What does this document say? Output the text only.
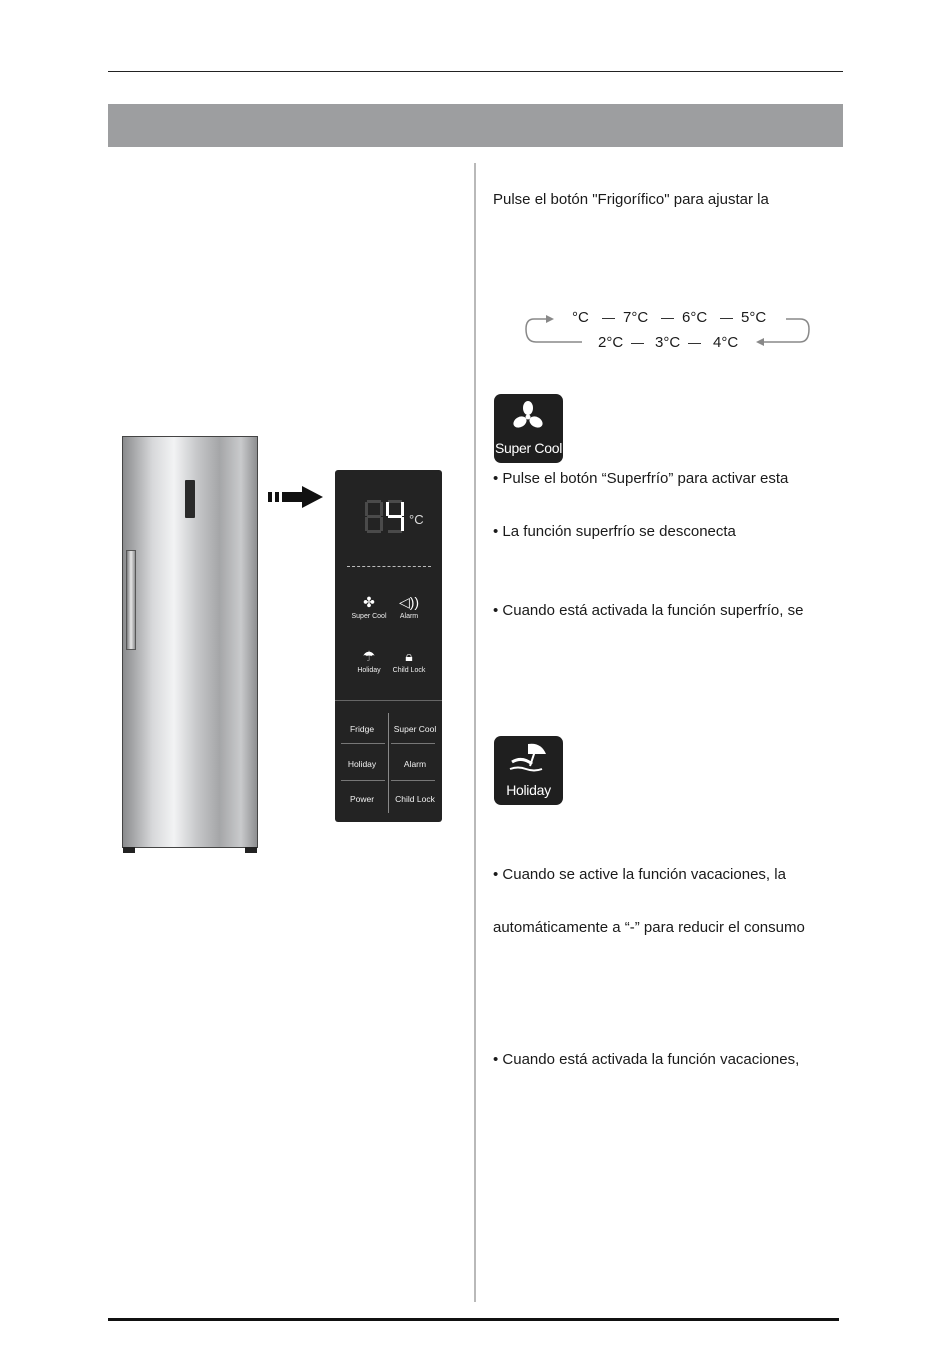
Pulse el botón "Frigorífico" para ajustar la
°C 7°C 6°C 5°C
2°C 3°C 4°C
Super Cool
• Pulse el botón “Superfrío” para activar esta
• La función superfrío se desconecta
• Cuando está activada la función superfrío, se
Holiday
• Cuando se active la función vacaciones, la
automáticamente a “-” para reducir el consumo
• Cuando está activada la función vacaciones,
°C
✤
Super Cool
◁))
Alarm
☂
Holiday
🔒︎
Child Lock
Fridge	Super Cool
Holiday	Alarm
Power	Child Lock
